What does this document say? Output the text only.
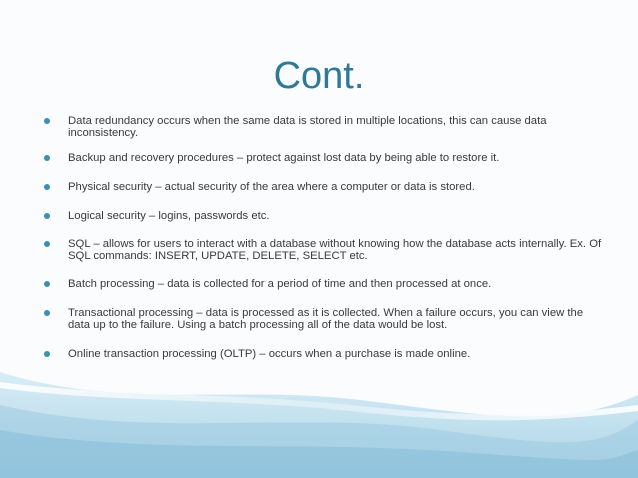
Cont.
Data redundancy occurs when the same data is stored in multiple locations, this can cause data inconsistency.
Backup and recovery procedures – protect against lost data by being able to restore it.
Physical security – actual security of the area where a computer or data is stored.
Logical security – logins, passwords etc.
SQL – allows for users to interact with a database without knowing how the database acts internally. Ex. Of SQL commands: INSERT, UPDATE, DELETE, SELECT etc.
Batch processing – data is collected for a period of time and then processed at once.
Transactional processing – data is processed as it is collected. When a failure occurs, you can view the data up to the failure. Using a batch processing all of the data would be lost.
Online transaction processing (OLTP) – occurs when a purchase is made online.
